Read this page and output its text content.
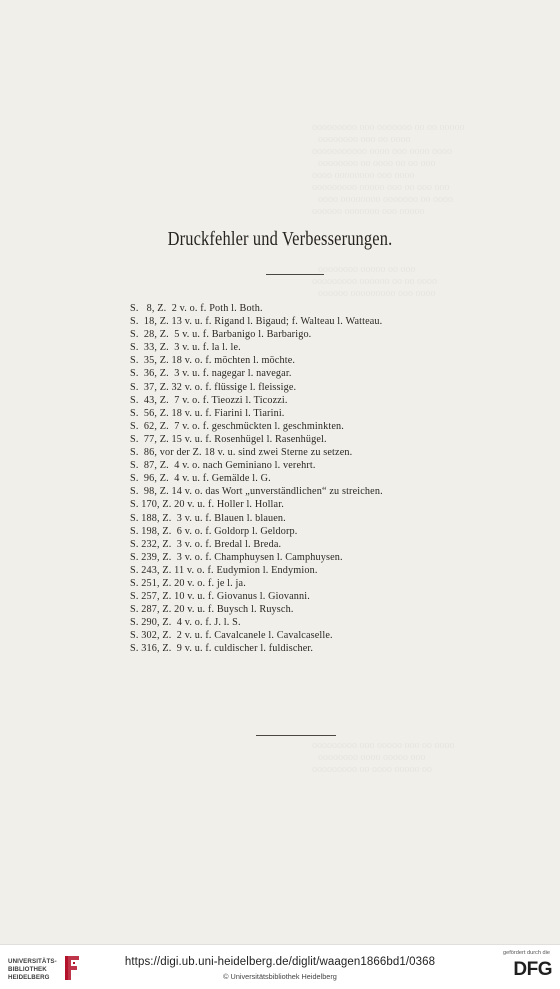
ooooooooo ooo ooooooo oo oo ooooo
oooooooo ooo oo oooo
ooooooooooo oooo ooo oooo oooo
oooooooo oo oooo oo oo ooo
oooo oooooooo ooo oooo
ooooooooo ooooo ooo oo ooo ooo
oooo oooooooo ooooooo oo oooo
oooooo ooooooo ooo ooooo
oooooooo ooooo oo ooo
ooooooooo oooooo oo oo oooo
oooooo ooooooooo ooo oooo
ooooooooo ooo ooooo ooo oo oooo
oooooooo oooo ooooo ooo
ooooooooo oo oooo ooooo oo
Druckfehler und Verbesserungen.
S.   8, Z.  2 v. o. f. Poth l. Both.
S.  18, Z. 13 v. u. f. Rigand l. Bigaud; f. Walteau l. Watteau.
S.  28, Z.  5 v. u. f. Barbanigo l. Barbarigo.
S.  33, Z.  3 v. u. f. la l. le.
S.  35, Z. 18 v. o. f. möchten l. möchte.
S.  36, Z.  3 v. u. f. nagegar l. navegar.
S.  37, Z. 32 v. o. f. flüssige l. fleissige.
S.  43, Z.  7 v. o. f. Tieozzi l. Ticozzi.
S.  56, Z. 18 v. u. f. Fiarini l. Tiarini.
S.  62, Z.  7 v. o. f. geschmückten l. geschminkten.
S.  77, Z. 15 v. u. f. Rosenhügel l. Rasenhügel.
S.  86, vor der Z. 18 v. u. sind zwei Sterne zu setzen.
S.  87, Z.  4 v. o. nach Geminiano l. verehrt.
S.  96, Z.  4 v. u. f. Gemälde l. G.
S.  98, Z. 14 v. o. das Wort „unverständlichen“ zu streichen.
S. 170, Z. 20 v. u. f. Holler l. Hollar.
S. 188, Z.  3 v. u. f. Blauen l. blauen.
S. 198, Z.  6 v. o. f. Goldorp l. Geldorp.
S. 232, Z.  3 v. o. f. Bredal l. Breda.
S. 239, Z.  3 v. o. f. Champhuysen l. Camphuysen.
S. 243, Z. 11 v. o. f. Eudymion l. Endymion.
S. 251, Z. 20 v. o. f. je l. ja.
S. 257, Z. 10 v. u. f. Giovanus l. Giovanni.
S. 287, Z. 20 v. u. f. Buysch l. Ruysch.
S. 290, Z.  4 v. o. f. J. l. S.
S. 302, Z.  2 v. u. f. Cavalcanele l. Cavalcaselle.
S. 316, Z.  9 v. u. f. culdischer l. fuldischer.
UNIVERSITÄTS-
BIBLIOTHEK
HEIDELBERG
https://digi.ub.uni-heidelberg.de/diglit/waagen1866bd1/0368
© Universitätsbibliothek Heidelberg
gefördert durch die
DFG
